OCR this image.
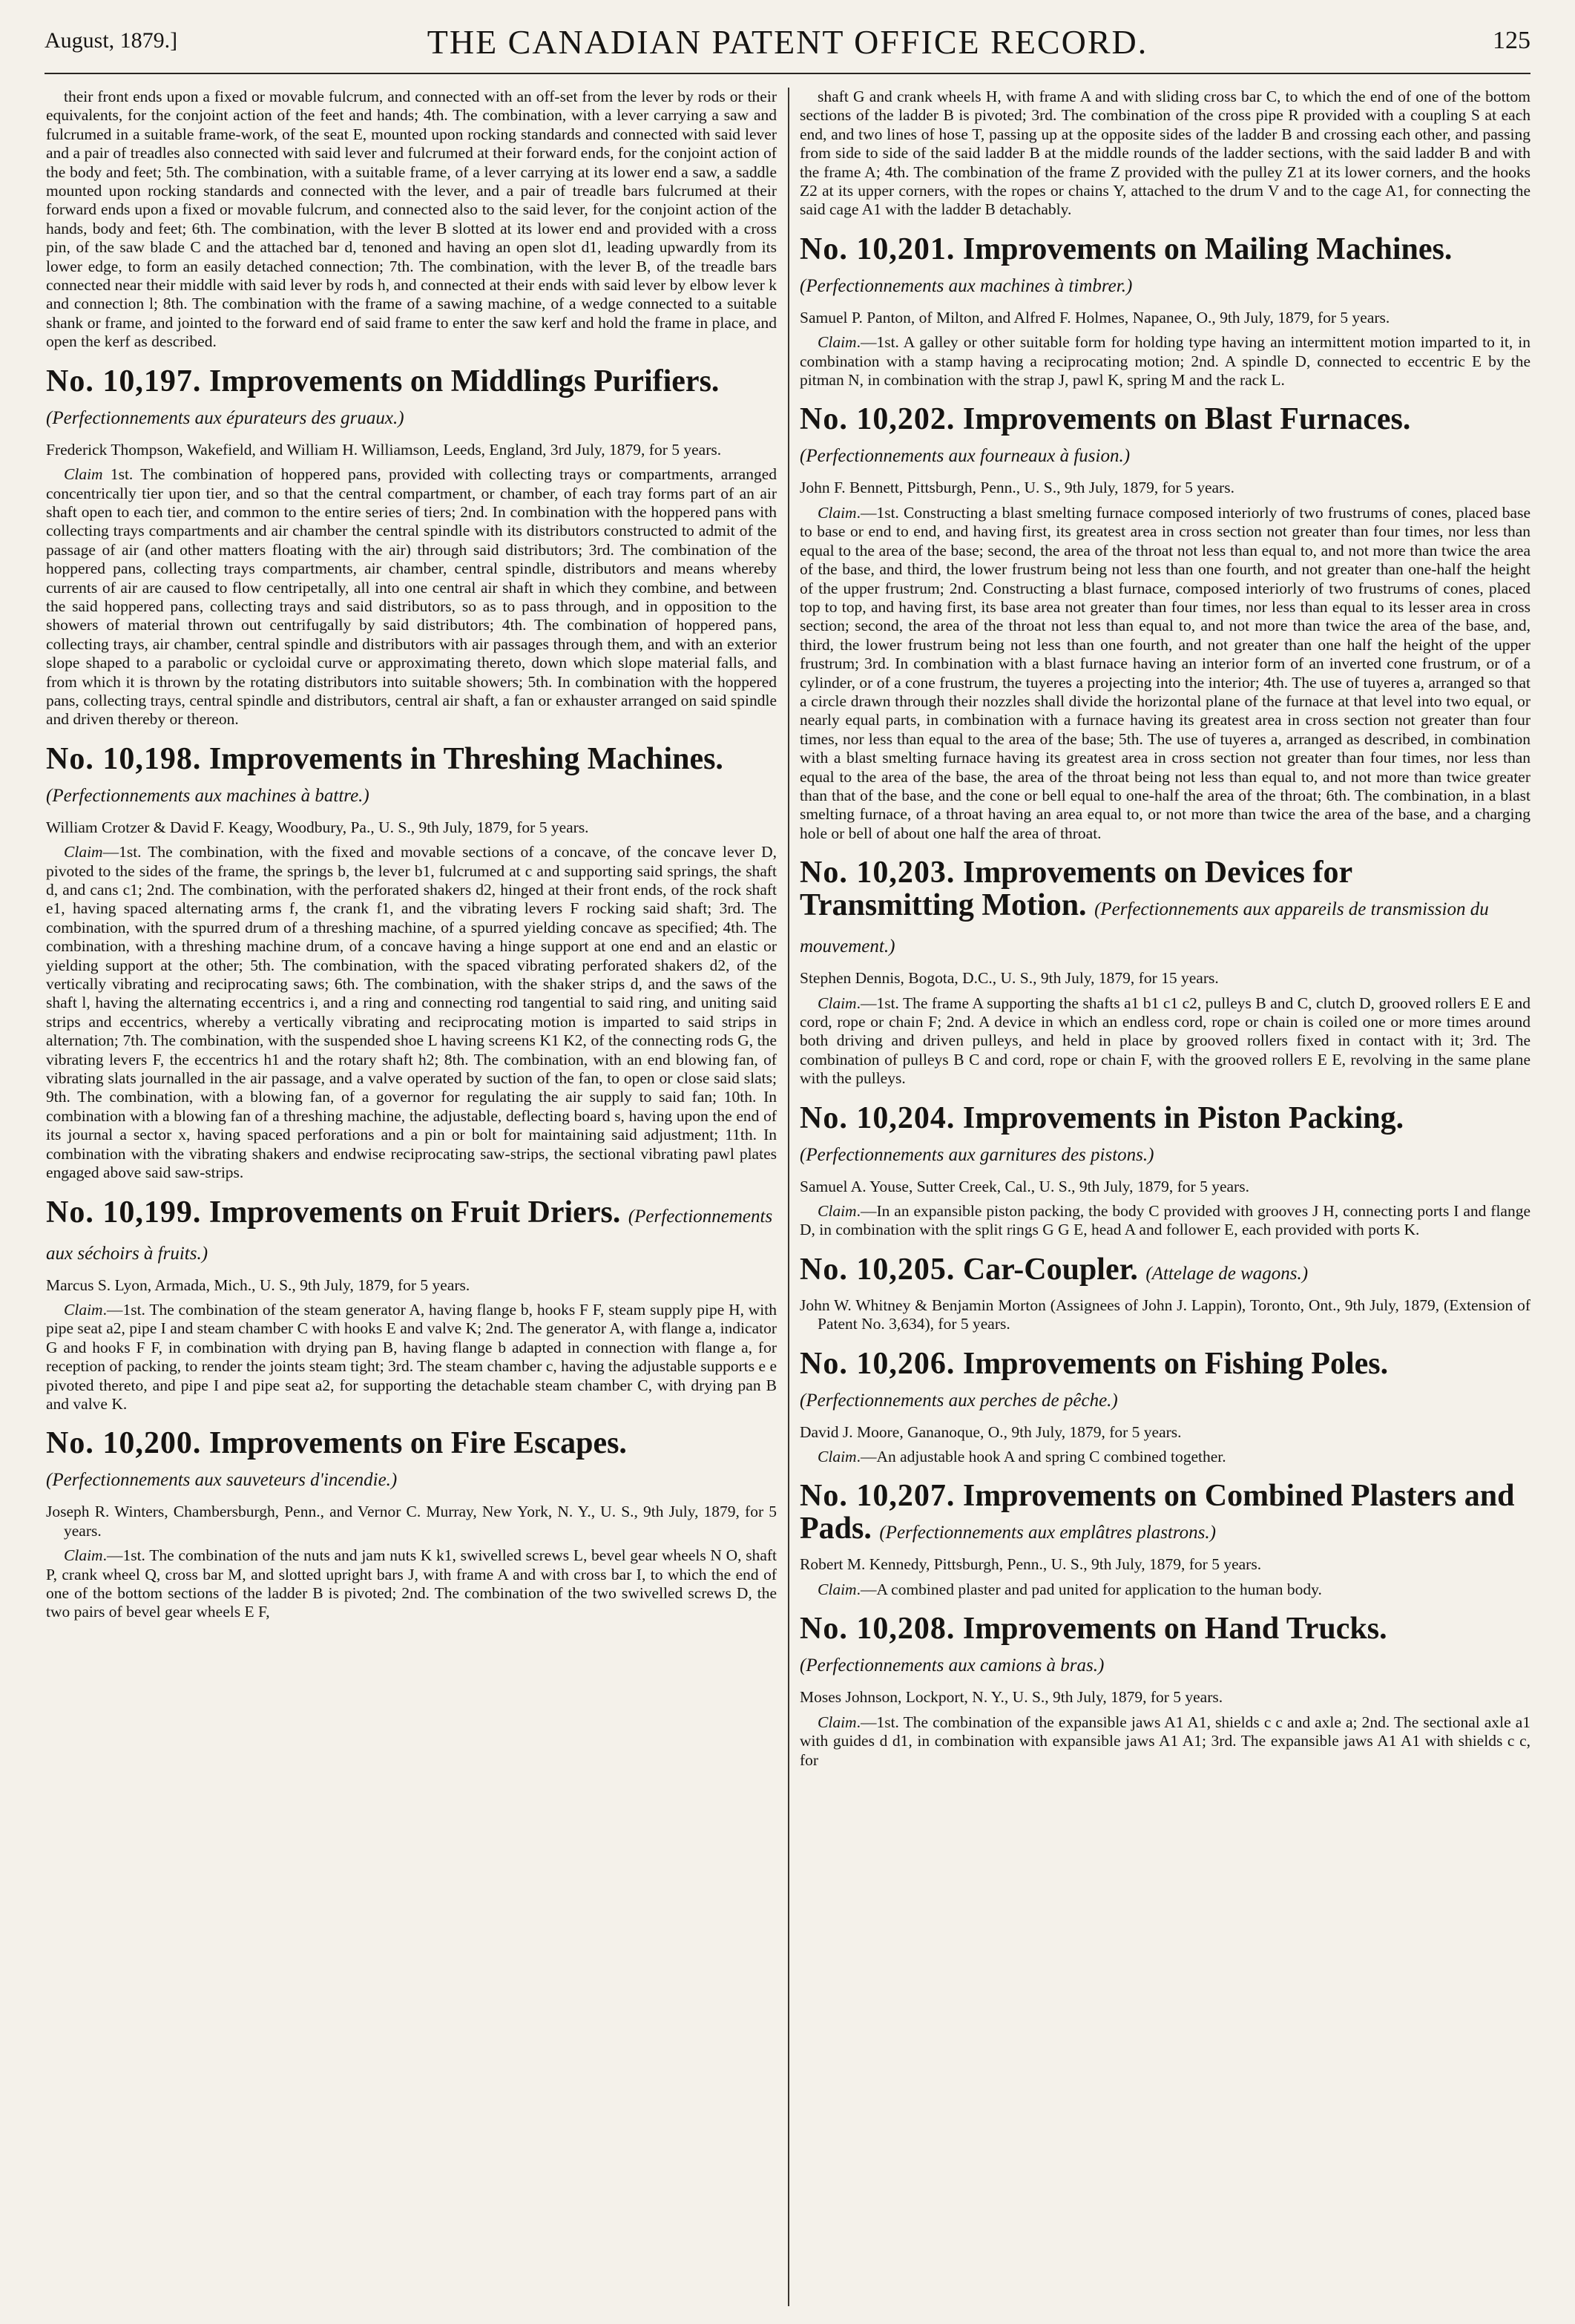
August, 1879.]	THE CANADIAN PATENT OFFICE RECORD.	125

their front ends upon a fixed or movable fulcrum, and connected with an off-set from the lever by rods or their equivalents, for the conjoint action of the feet and hands; 4th. The combination, with a lever carrying a saw and fulcrumed in a suitable frame-work, of the seat E, mounted upon rocking standards and connected with said lever and a pair of treadles also connected with said lever and fulcrumed at their forward ends, for the conjoint action of the body and feet; 5th. The combination, with a suitable frame, of a lever carrying at its lower end a saw, a saddle mounted upon rocking standards and connected with the lever, and a pair of treadle bars fulcrumed at their forward ends upon a fixed or movable fulcrum, and connected also to the said lever, for the conjoint action of the hands, body and feet; 6th. The combination, with the lever B slotted at its lower end and provided with a cross pin, of the saw blade C and the attached bar d, tenoned and having an open slot d1, leading upwardly from its lower edge, to form an easily detached connection; 7th. The combination, with the lever B, of the treadle bars connected near their middle with said lever by rods h, and connected at their ends with said lever by elbow lever k and connection l; 8th. The combination with the frame of a sawing machine, of a wedge connected to a suitable shank or frame, and jointed to the forward end of said frame to enter the saw kerf and hold the frame in place, and open the kerf as described.

No. 10,197. Improvements on Middlings Purifiers. (Perfectionnements aux épurateurs des gruaux.)

Frederick Thompson, Wakefield, and William H. Williamson, Leeds, England, 3rd July, 1879, for 5 years.

Claim 1st. The combination of hoppered pans, provided with collecting trays or compartments, arranged concentrically tier upon tier, and so that the central compartment, or chamber, of each tray forms part of an air shaft open to each tier, and common to the entire series of tiers; 2nd. In combination with the hoppered pans with collecting trays compartments and air chamber the central spindle with its distributors constructed to admit of the passage of air (and other matters floating with the air) through said distributors; 3rd. The combination of the hoppered pans, collecting trays compartments, air chamber, central spindle, distributors and means whereby currents of air are caused to flow centripetally, all into one central air shaft in which they combine, and between the said hoppered pans, collecting trays and said distributors, so as to pass through, and in opposition to the showers of material thrown out centrifugally by said distributors; 4th. The combination of hoppered pans, collecting trays, air chamber, central spindle and distributors with air passages through them, and with an exterior slope shaped to a parabolic or cycloidal curve or approximating thereto, down which slope material falls, and from which it is thrown by the rotating distributors into suitable showers; 5th. In combination with the hoppered pans, collecting trays, central spindle and distributors, central air shaft, a fan or exhauster arranged on said spindle and driven thereby or thereon.

No. 10,198. Improvements in Threshing Machines. (Perfectionnements aux machines à battre.)

William Crotzer & David F. Keagy, Woodbury, Pa., U. S., 9th July, 1879, for 5 years.

Claim—1st. The combination, with the fixed and movable sections of a concave, of the concave lever D, pivoted to the sides of the frame, the springs b, the lever b1, fulcrumed at c and supporting said springs, the shaft d, and cans c1; 2nd. The combination, with the perforated shakers d2, hinged at their front ends, of the rock shaft e1, having spaced alternating arms f, the crank f1, and the vibrating levers F rocking said shaft; 3rd. The combination, with the spurred drum of a threshing machine, of a spurred yielding concave as specified; 4th. The combination, with a threshing machine drum, of a concave having a hinge support at one end and an elastic or yielding support at the other; 5th. The combination, with the spaced vibrating perforated shakers d2, of the vertically vibrating and reciprocating saws; 6th. The combination, with the shaker strips d, and the saws of the shaft l, having the alternating eccentrics i, and a ring and connecting rod tangential to said ring, and uniting said strips and eccentrics, whereby a vertically vibrating and reciprocating motion is imparted to said strips in alternation; 7th. The combination, with the suspended shoe L having screens K1 K2, of the connecting rods G, the vibrating levers F, the eccentrics h1 and the rotary shaft h2; 8th. The combination, with an end blowing fan, of vibrating slats journalled in the air passage, and a valve operated by suction of the fan, to open or close said slats; 9th. The combination, with a blowing fan, of a governor for regulating the air supply to said fan; 10th. In combination with a blowing fan of a threshing machine, the adjustable, deflecting board s, having upon the end of its journal a sector x, having spaced perforations and a pin or bolt for maintaining said adjustment; 11th. In combination with the vibrating shakers and endwise reciprocating saw-strips, the sectional vibrating pawl plates engaged above said saw-strips.

No. 10,199. Improvements on Fruit Driers. (Perfectionnements aux séchoirs à fruits.)

Marcus S. Lyon, Armada, Mich., U. S., 9th July, 1879, for 5 years.

Claim.—1st. The combination of the steam generator A, having flange b, hooks F F, steam supply pipe H, with pipe seat a2, pipe I and steam chamber C with hooks E and valve K; 2nd. The generator A, with flange a, indicator G and hooks F F, in combination with drying pan B, having flange b adapted in connection with flange a, for reception of packing, to render the joints steam tight; 3rd. The steam chamber c, having the adjustable supports e e pivoted thereto, and pipe I and pipe seat a2, for supporting the detachable steam chamber C, with drying pan B and valve K.

No. 10,200. Improvements on Fire Escapes. (Perfectionnements aux sauveteurs d'incendie.)

Joseph R. Winters, Chambersburgh, Penn., and Vernor C. Murray, New York, N. Y., U. S., 9th July, 1879, for 5 years.

Claim.—1st. The combination of the nuts and jam nuts K k1, swivelled screws L, bevel gear wheels N O, shaft P, crank wheel Q, cross bar M, and slotted upright bars J, with frame A and with cross bar I, to which the end of one of the bottom sections of the ladder B is pivoted; 2nd. The combination of the two swivelled screws D, the two pairs of bevel gear wheels E F,

shaft G and crank wheels H, with frame A and with sliding cross bar C, to which the end of one of the bottom sections of the ladder B is pivoted; 3rd. The combination of the cross pipe R provided with a coupling S at each end, and two lines of hose T, passing up at the opposite sides of the ladder B and crossing each other, and passing from side to side of the said ladder B at the middle rounds of the ladder sections, with the said ladder B and with the frame A; 4th. The combination of the frame Z provided with the pulley Z1 at its lower corners, and the hooks Z2 at its upper corners, with the ropes or chains Y, attached to the drum V and to the cage A1, for connecting the said cage A1 with the ladder B detachably.

No. 10,201. Improvements on Mailing Machines. (Perfectionnements aux machines à timbrer.)

Samuel P. Panton, of Milton, and Alfred F. Holmes, Napanee, O., 9th July, 1879, for 5 years.

Claim.—1st. A galley or other suitable form for holding type having an intermittent motion imparted to it, in combination with a stamp having a reciprocating motion; 2nd. A spindle D, connected to eccentric E by the pitman N, in combination with the strap J, pawl K, spring M and the rack L.

No. 10,202. Improvements on Blast Furnaces. (Perfectionnements aux fourneaux à fusion.)

John F. Bennett, Pittsburgh, Penn., U. S., 9th July, 1879, for 5 years.

Claim.—1st. Constructing a blast smelting furnace composed interiorly of two frustrums of cones, placed base to base or end to end, and having first, its greatest area in cross section not greater than four times, nor less than equal to the area of the base; second, the area of the throat not less than equal to, and not more than twice the area of the base, and third, the lower frustrum being not less than one fourth, and not greater than one-half the height of the upper frustrum; 2nd. Constructing a blast furnace, composed interiorly of two frustrums of cones, placed top to top, and having first, its base area not greater than four times, nor less than equal to its lesser area in cross section; second, the area of the throat not less than equal to, and not more than twice the area of the base, and, third, the lower frustrum being not less than one fourth, and not greater than one half the height of the upper frustrum; 3rd. In combination with a blast furnace having an interior form of an inverted cone frustrum, or of a cylinder, or of a cone frustrum, the tuyeres a projecting into the interior; 4th. The use of tuyeres a, arranged so that a circle drawn through their nozzles shall divide the horizontal plane of the furnace at that level into two equal, or nearly equal parts, in combination with a furnace having its greatest area in cross section not greater than four times, nor less than equal to the area of the base; 5th. The use of tuyeres a, arranged as described, in combination with a blast smelting furnace having its greatest area in cross section not greater than four times, nor less than equal to the area of the base, the area of the throat being not less than equal to, and not more than twice greater than that of the base, and the cone or bell equal to one-half the area of the throat; 6th. The combination, in a blast smelting furnace, of a throat having an area equal to, or not more than twice the area of the base, and a charging hole or bell of about one half the area of throat.

No. 10,203. Improvements on Devices for Transmitting Motion. (Perfectionnements aux appareils de transmission du mouvement.)

Stephen Dennis, Bogota, D.C., U. S., 9th July, 1879, for 15 years.

Claim.—1st. The frame A supporting the shafts a1 b1 c1 c2, pulleys B and C, clutch D, grooved rollers E E and cord, rope or chain F; 2nd. A device in which an endless cord, rope or chain is coiled one or more times around both driving and driven pulleys, and held in place by grooved rollers fixed in contact with it; 3rd. The combination of pulleys B C and cord, rope or chain F, with the grooved rollers E E, revolving in the same plane with the pulleys.

No. 10,204. Improvements in Piston Packing. (Perfectionnements aux garnitures des pistons.)

Samuel A. Youse, Sutter Creek, Cal., U. S., 9th July, 1879, for 5 years.

Claim.—In an expansible piston packing, the body C provided with grooves J H, connecting ports I and flange D, in combination with the split rings G G E, head A and follower E, each provided with ports K.

No. 10,205. Car-Coupler. (Attelage de wagons.)

John W. Whitney & Benjamin Morton (Assignees of John J. Lappin), Toronto, Ont., 9th July, 1879, (Extension of Patent No. 3,634), for 5 years.

No. 10,206. Improvements on Fishing Poles. (Perfectionnements aux perches de pêche.)

David J. Moore, Gananoque, O., 9th July, 1879, for 5 years.

Claim.—An adjustable hook A and spring C combined together.

No. 10,207. Improvements on Combined Plasters and Pads. (Perfectionnements aux emplâtres plastrons.)

Robert M. Kennedy, Pittsburgh, Penn., U. S., 9th July, 1879, for 5 years.

Claim.—A combined plaster and pad united for application to the human body.

No. 10,208. Improvements on Hand Trucks. (Perfectionnements aux camions à bras.)

Moses Johnson, Lockport, N. Y., U. S., 9th July, 1879, for 5 years.

Claim.—1st. The combination of the expansible jaws A1 A1, shields c c and axle a; 2nd. The sectional axle a1 with guides d d1, in combination with expansible jaws A1 A1; 3rd. The expansible jaws A1 A1 with shields c c, for
